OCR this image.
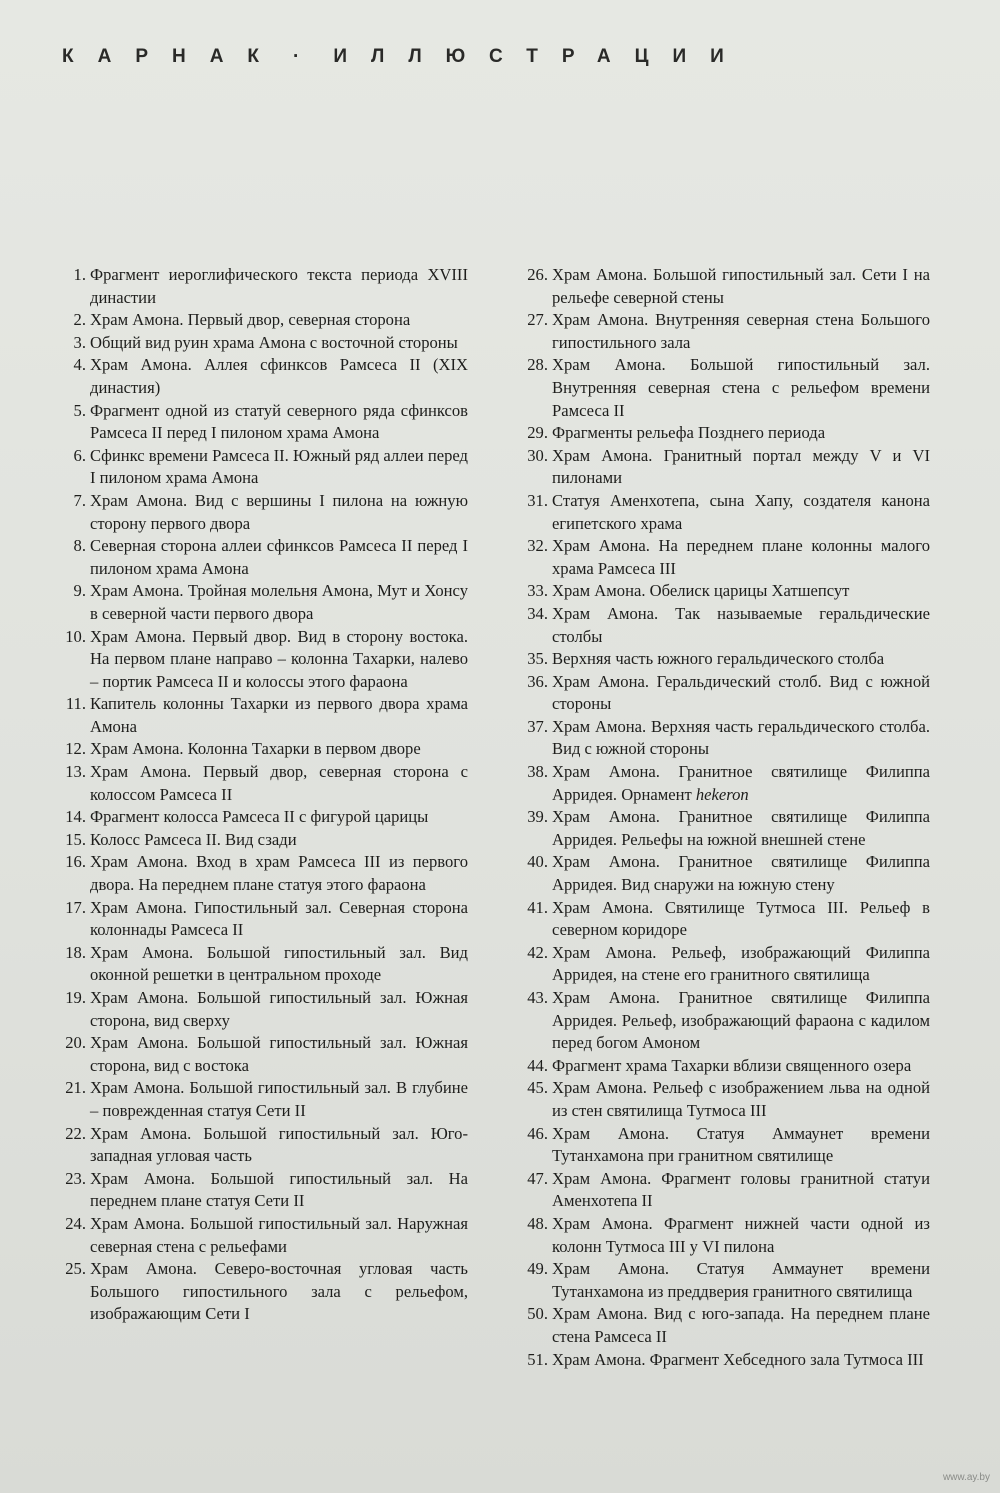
КАРНАК · ИЛЛЮСТРАЦИИ
1. Фрагмент иероглифического текста периода XVIII династии
2. Храм Амона. Первый двор, северная сторона
3. Общий вид руин храма Амона с восточной стороны
4. Храм Амона. Аллея сфинксов Рамсеса II (XIX династия)
5. Фрагмент одной из статуй северного ряда сфинксов Рамсеса II перед I пилоном храма Амона
6. Сфинкс времени Рамсеса II. Южный ряд аллеи перед I пилоном храма Амона
7. Храм Амона. Вид с вершины I пилона на южную сторону первого двора
8. Северная сторона аллеи сфинксов Рамсеса II перед I пилоном храма Амона
9. Храм Амона. Тройная молельня Амона, Мут и Хонсу в северной части первого двора
10. Храм Амона. Первый двор. Вид в сторону востока. На первом плане направо – колонна Тахарки, налево – портик Рамсеса II и колоссы этого фараона
11. Капитель колонны Тахарки из первого двора храма Амона
12. Храм Амона. Колонна Тахарки в первом дворе
13. Храм Амона. Первый двор, северная сторона с колоссом Рамсеса II
14. Фрагмент колосса Рамсеса II с фигурой царицы
15. Колосс Рамсеса II. Вид сзади
16. Храм Амона. Вход в храм Рамсеса III из первого двора. На переднем плане статуя этого фараона
17. Храм Амона. Гипостильный зал. Северная сторона колоннады Рамсеса II
18. Храм Амона. Большой гипостильный зал. Вид оконной решетки в центральном проходе
19. Храм Амона. Большой гипостильный зал. Южная сторона, вид сверху
20. Храм Амона. Большой гипостильный зал. Южная сторона, вид с востока
21. Храм Амона. Большой гипостильный зал. В глубине – поврежденная статуя Сети II
22. Храм Амона. Большой гипостильный зал. Юго-западная угловая часть
23. Храм Амона. Большой гипостильный зал. На переднем плане статуя Сети II
24. Храм Амона. Большой гипостильный зал. Наружная северная стена с рельефами
25. Храм Амона. Северо-восточная угловая часть Большого гипостильного зала с рельефом, изображающим Сети I
26. Храм Амона. Большой гипостильный зал. Сети I на рельефе северной стены
27. Храм Амона. Внутренняя северная стена Большого гипостильного зала
28. Храм Амона. Большой гипостильный зал. Внутренняя северная стена с рельефом времени Рамсеса II
29. Фрагменты рельефа Позднего периода
30. Храм Амона. Гранитный портал между V и VI пилонами
31. Статуя Аменхотепа, сына Хапу, создателя канона египетского храма
32. Храм Амона. На переднем плане колонны малого храма Рамсеса III
33. Храм Амона. Обелиск царицы Хатшепсут
34. Храм Амона. Так называемые геральдические столбы
35. Верхняя часть южного геральдического столба
36. Храм Амона. Геральдический столб. Вид с южной стороны
37. Храм Амона. Верхняя часть геральдического столба. Вид с южной стороны
38. Храм Амона. Гранитное святилище Филиппа Арридея. Орнамент hekeron
39. Храм Амона. Гранитное святилище Филиппа Арридея. Рельефы на южной внешней стене
40. Храм Амона. Гранитное святилище Филиппа Арридея. Вид снаружи на южную стену
41. Храм Амона. Святилище Тутмоса III. Рельеф в северном коридоре
42. Храм Амона. Рельеф, изображающий Филиппа Арридея, на стене его гранитного святилища
43. Храм Амона. Гранитное святилище Филиппа Арридея. Рельеф, изображающий фараона с кадилом перед богом Амоном
44. Фрагмент храма Тахарки вблизи священного озера
45. Храм Амона. Рельеф с изображением льва на одной из стен святилища Тутмоса III
46. Храм Амона. Статуя Аммаунет времени Тутанхамона при гранитном святилище
47. Храм Амона. Фрагмент головы гранитной статуи Аменхотепа II
48. Храм Амона. Фрагмент нижней части одной из колонн Тутмоса III у VI пилона
49. Храм Амона. Статуя Аммаунет времени Тутанхамона из преддверия гранитного святилища
50. Храм Амона. Вид с юго-запада. На переднем плане стена Рамсеса II
51. Храм Амона. Фрагмент Хебседного зала Тутмоса III
www.ay.by
